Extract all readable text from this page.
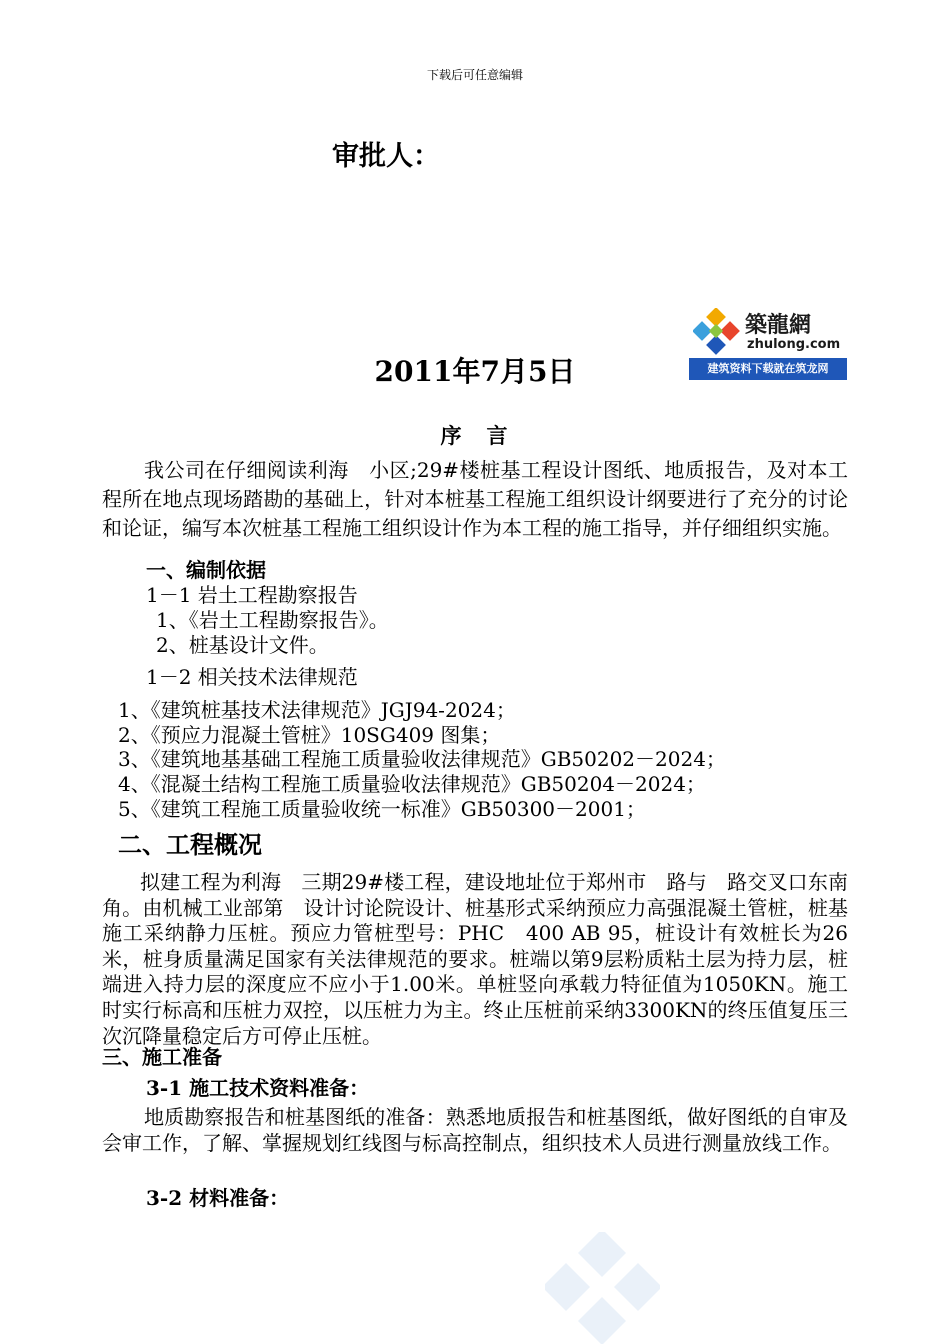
下载后可任意编辑
审批人：
築龍網
zhulong.com
建筑资料下载就在筑龙网
2011年7月5日
序　言
我公司在仔细阅读利海　小区;29#楼桩基工程设计图纸、地质报告，及对本工程所在地点现场踏勘的基础上，针对本桩基工程施工组织设计纲要进行了充分的讨论和论证，编写本次桩基工程施工组织设计作为本工程的施工指导，并仔细组织实施。
一、编制依据
1－1 岩土工程勘察报告
1、《岩土工程勘察报告》。
2、桩基设计文件。
1－2 相关技术法律规范
1、《建筑桩基技术法律规范》JGJ94-2024；
2、《预应力混凝土管桩》10SG409 图集；
3、《建筑地基基础工程施工质量验收法律规范》GB50202－2024；
4、《混凝土结构工程施工质量验收法律规范》GB50204－2024；
5、《建筑工程施工质量验收统一标准》GB50300－2001；
二、工程概况
拟建工程为利海　三期29#楼工程，建设地址位于郑州市　路与　路交叉口东南角。由机械工业部第　设计讨论院设计、桩基形式采纳预应力高强混凝土管桩，桩基施工采纳静力压桩。预应力管桩型号：PHC　400 AB 95，桩设计有效桩长为26米，桩身质量满足国家有关法律规范的要求。桩端以第9层粉质粘土层为持力层，桩端进入持力层的深度应不应小于1.00米。单桩竖向承载力特征值为1050KN。施工时实行标高和压桩力双控，以压桩力为主。终止压桩前采纳3300KN的终压值复压三次沉降量稳定后方可停止压桩。
三、施工准备
3-1 施工技术资料准备：
地质勘察报告和桩基图纸的准备：熟悉地质报告和桩基图纸，做好图纸的自审及会审工作，了解、掌握规划红线图与标高控制点，组织技术人员进行测量放线工作。
3-2 材料准备：
